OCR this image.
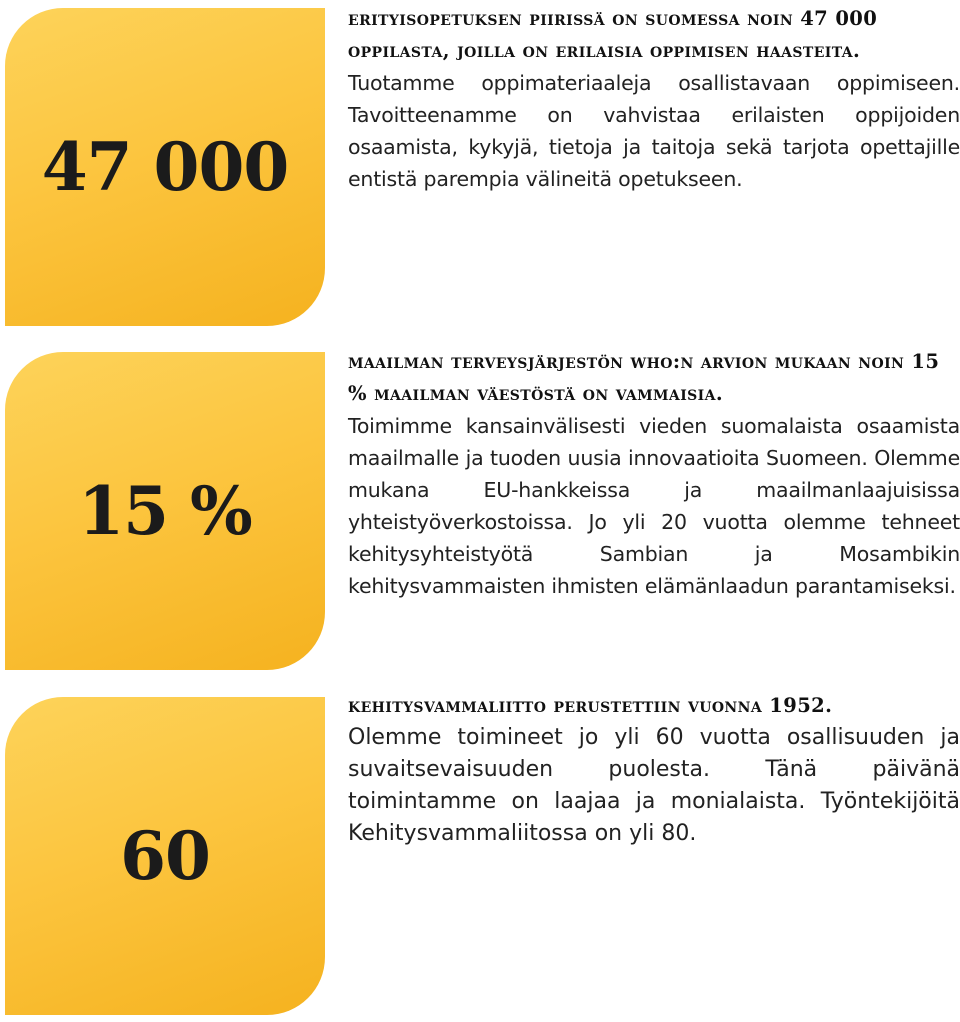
47 000

erityisopetuksen piirissä on suomessa noin 47 000 oppilasta, joilla on erilaisia oppimisen haasteita.

Tuotamme oppimateriaaleja osallistavaan oppimiseen. Tavoitteenamme on vahvistaa erilaisten oppijoiden osaamista, kykyjä, tietoja ja taitoja sekä tarjota opettajille entistä parempia välineitä opetukseen.

15 %

maailman terveysjärjestön who:n arvion mukaan noin 15 % maailman väestöstä on vammaisia.

Toimimme kansainvälisesti vieden suomalaista osaamista maailmalle ja tuoden uusia innovaatioita Suomeen. Olemme mukana EU-hankkeissa ja maailmanlaajuisissa yhteistyöverkostoissa. Jo yli 20 vuotta olemme tehneet kehitysyhteistyötä Sambian ja Mosambikin kehitysvammaisten ihmisten elämänlaadun parantamiseksi.

60

kehitysvammaliitto perustettiin vuonna 1952.

Olemme toimineet jo yli 60 vuotta osallisuuden ja suvaitsevaisuuden puolesta. Tänä päivänä toimintamme on laajaa ja monialaista. Työntekijöitä Kehitysvammaliitossa on yli 80.
